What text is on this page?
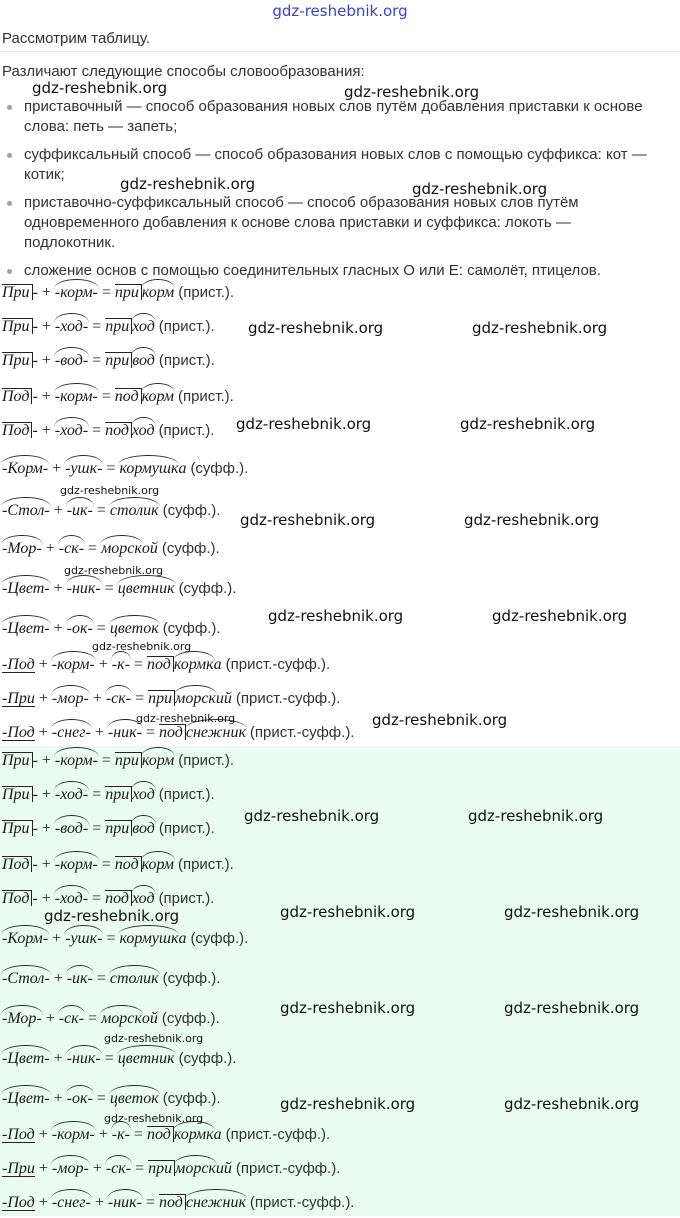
gdz-reshebnik.org
Рассмотрим таблицу.
Различают следующие способы словообразования:
приставочный — способ образования новых слов путём добавления приставки к основе слова: петь — запеть;
суффиксальный способ — способ образования новых слов с помощью суффикса: кот — котик;
приставочно-суффиксальный способ — способ образования новых слов путём одновременного добавления к основе слова приставки и суффикса: локоть — подлокотник.
сложение основ с помощью соединительных гласных О или Е: самолёт, птицелов.
При - + -корм- = при корм (прист.).
При - + -ход- = при ход (прист.).
При - + -вод- = при вод (прист.).
Под - + -корм- = под корм (прист.).
Под - + -ход- = под ход (прист.).
-Корм- + -ушк- = кормушка (суфф.).
-Стол- + -ик- = столик (суфф.).
-Мор- + -ск- = морской (суфф.).
-Цвет- + -ник- = цветник (суфф.).
-Цвет- + -ок- = цветок (суфф.).
-Под + -корм- + -к- = под кормка (прист.-суфф.).
-При + -мор- + -ск- = при морский (прист.-суфф.).
-Под + -снег- + -ник- = под снежник (прист.-суфф.).
При - + -корм- = при корм (прист.).
При - + -ход- = при ход (прист.).
При - + -вод- = при вод (прист.).
Под - + -корм- = под корм (прист.).
Под - + -ход- = под ход (прист.).
-Корм- + -ушк- = кормушка (суфф.).
-Стол- + -ик- = столик (суфф.).
-Мор- + -ск- = морской (суфф.).
-Цвет- + -ник- = цветник (суфф.).
-Цвет- + -ок- = цветок (суфф.).
-Под + -корм- + -к- = под кормка (прист.-суфф.).
-При + -мор- + -ск- = при морский (прист.-суфф.).
-Под + -снег- + -ник- = под снежник (прист.-суфф.).
gdz-reshebnik.org	gdz-reshebnik.org
gdz-reshebnik.org	gdz-reshebnik.org
gdz-reshebnik.org	gdz-reshebnik.org
gdz-reshebnik.org	gdz-reshebnik.org
gdz-reshebnik.org
gdz-reshebnik.org	gdz-reshebnik.org
gdz-reshebnik.org
gdz-reshebnik.org	gdz-reshebnik.org
gdz-reshebnik.org
gdz-reshebnik.org	gdz-reshebnik.org
gdz-reshebnik.org	gdz-reshebnik.org
gdz-reshebnik.org	gdz-reshebnik.org	gdz-reshebnik.org
gdz-reshebnik.org	gdz-reshebnik.org
gdz-reshebnik.org
gdz-reshebnik.org	gdz-reshebnik.org
gdz-reshebnik.org
